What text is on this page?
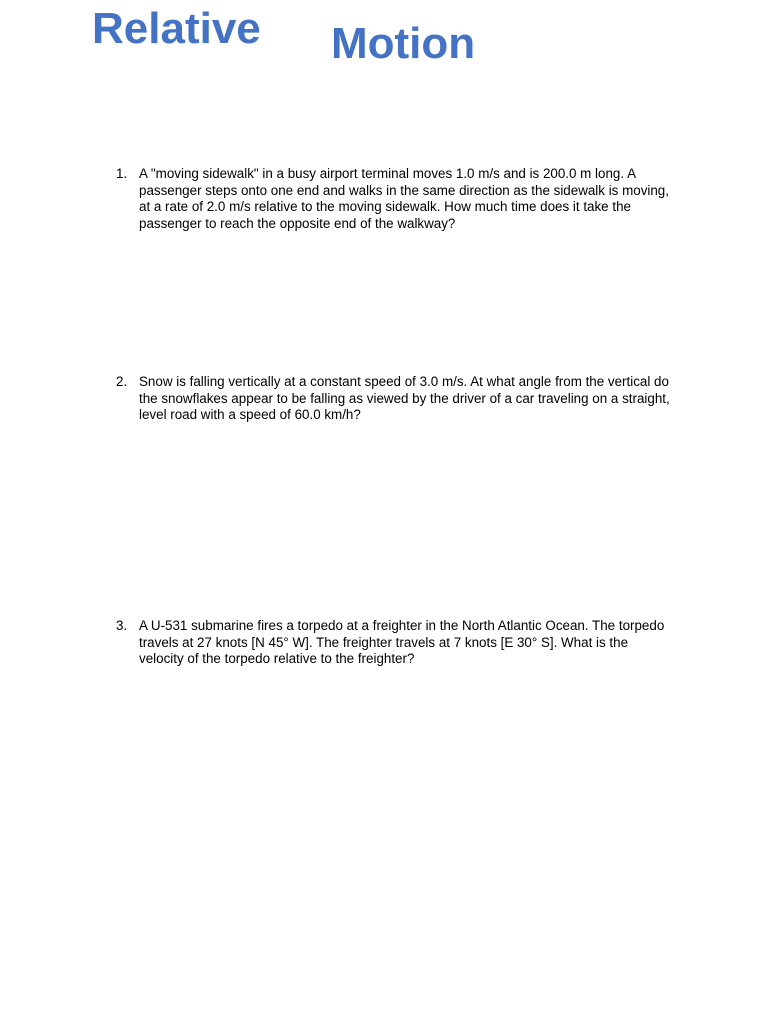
Relative Motion
1. A "moving sidewalk" in a busy airport terminal moves 1.0 m/s and is 200.0 m long. A passenger steps onto one end and walks in the same direction as the sidewalk is moving, at a rate of 2.0 m/s relative to the moving sidewalk. How much time does it take the passenger to reach the opposite end of the walkway?
2. Snow is falling vertically at a constant speed of 3.0 m/s. At what angle from the vertical do the snowflakes appear to be falling as viewed by the driver of a car traveling on a straight, level road with a speed of 60.0 km/h?
3. A U-531 submarine fires a torpedo at a freighter in the North Atlantic Ocean. The torpedo travels at 27 knots [N 45° W]. The freighter travels at 7 knots [E 30° S]. What is the velocity of the torpedo relative to the freighter?
